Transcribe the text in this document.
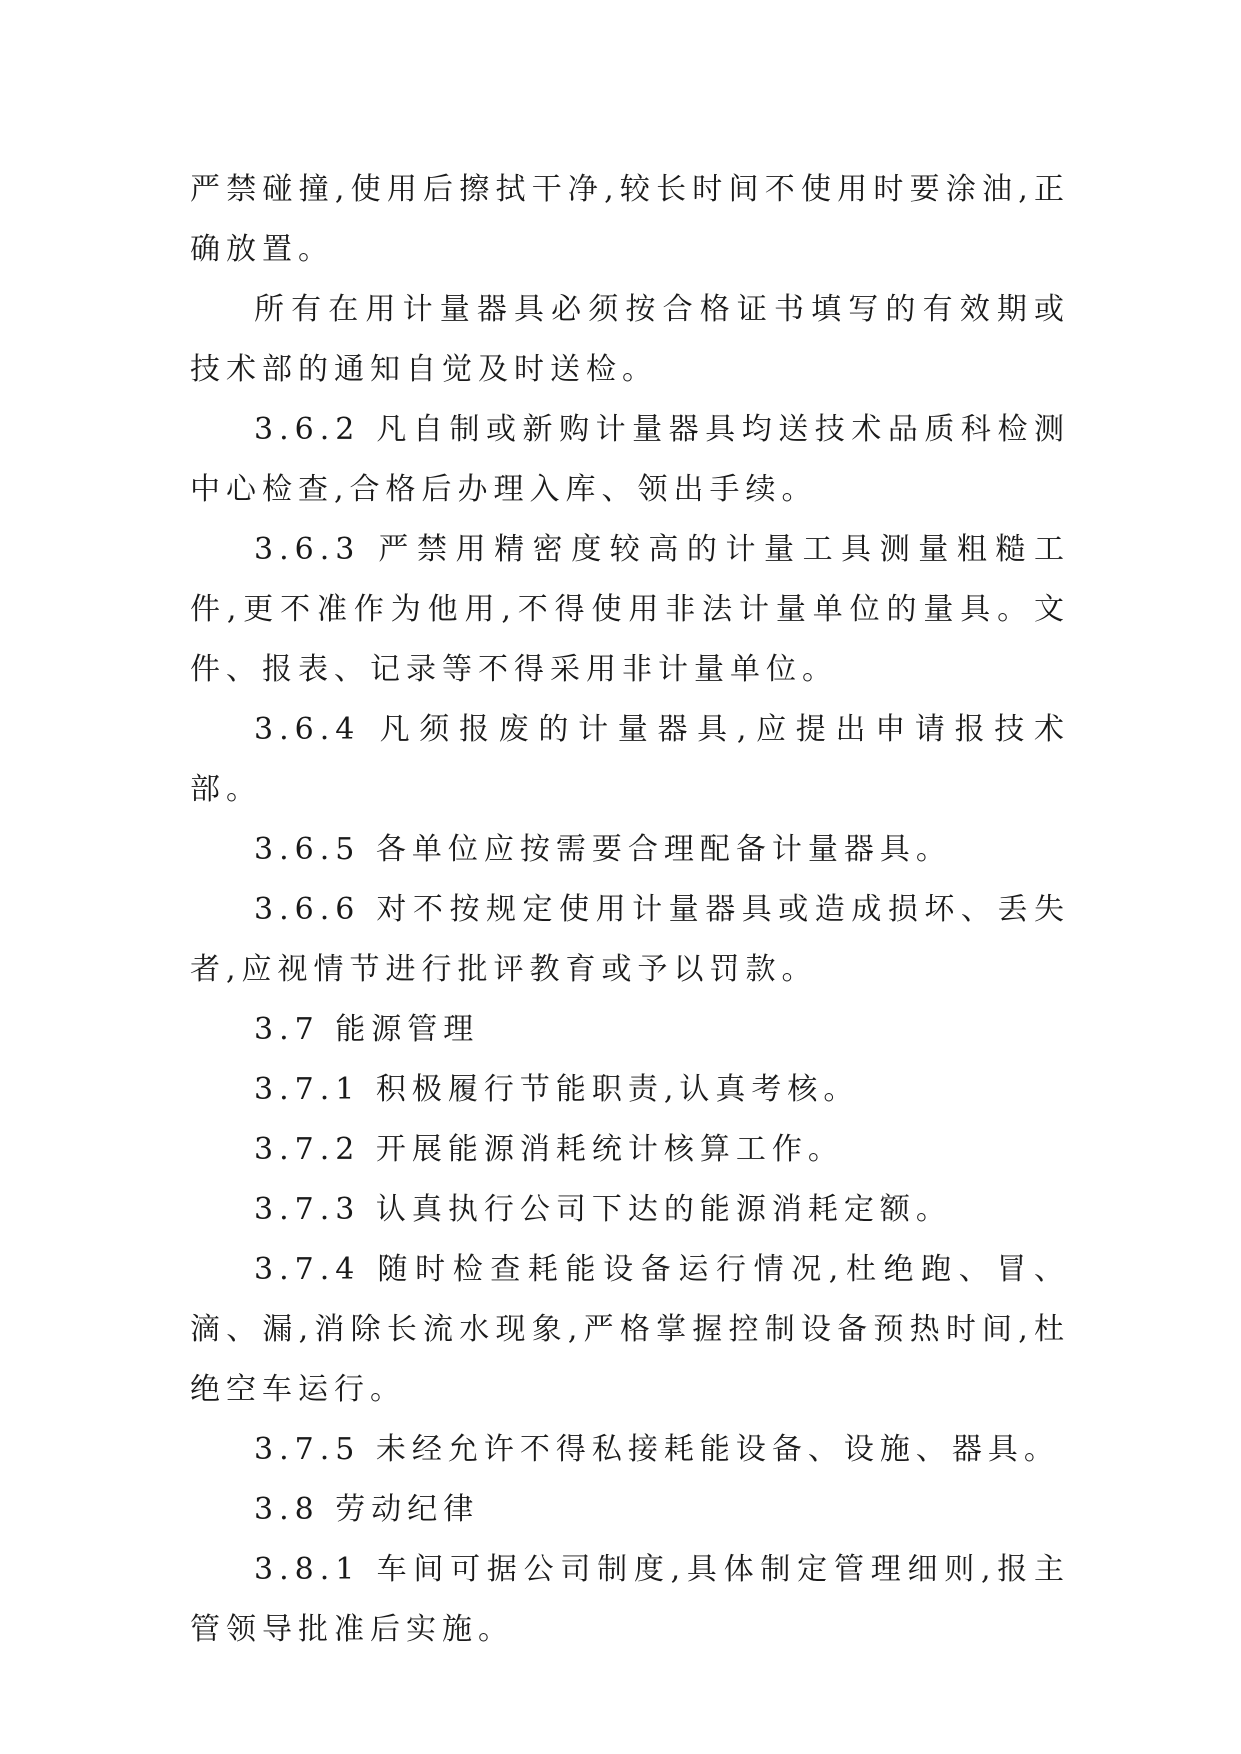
严禁碰撞,使用后擦拭干净,较长时间不使用时要涂油,正确放置。

所有在用计量器具必须按合格证书填写的有效期或技术部的通知自觉及时送检。

3.6.2 凡自制或新购计量器具均送技术品质科检测中心检查,合格后办理入库、领出手续。

3.6.3 严禁用精密度较高的计量工具测量粗糙工件,更不准作为他用,不得使用非法计量单位的量具。文件、报表、记录等不得采用非计量单位。

3.6.4 凡须报废的计量器具,应提出申请报技术部。

3.6.5 各单位应按需要合理配备计量器具。

3.6.6 对不按规定使用计量器具或造成损坏、丢失者,应视情节进行批评教育或予以罚款。

3.7 能源管理

3.7.1 积极履行节能职责,认真考核。

3.7.2 开展能源消耗统计核算工作。

3.7.3 认真执行公司下达的能源消耗定额。

3.7.4 随时检查耗能设备运行情况,杜绝跑、冒、滴、漏,消除长流水现象,严格掌握控制设备预热时间,杜绝空车运行。

3.7.5 未经允许不得私接耗能设备、设施、器具。

3.8 劳动纪律

3.8.1 车间可据公司制度,具体制定管理细则,报主管领导批准后实施。
